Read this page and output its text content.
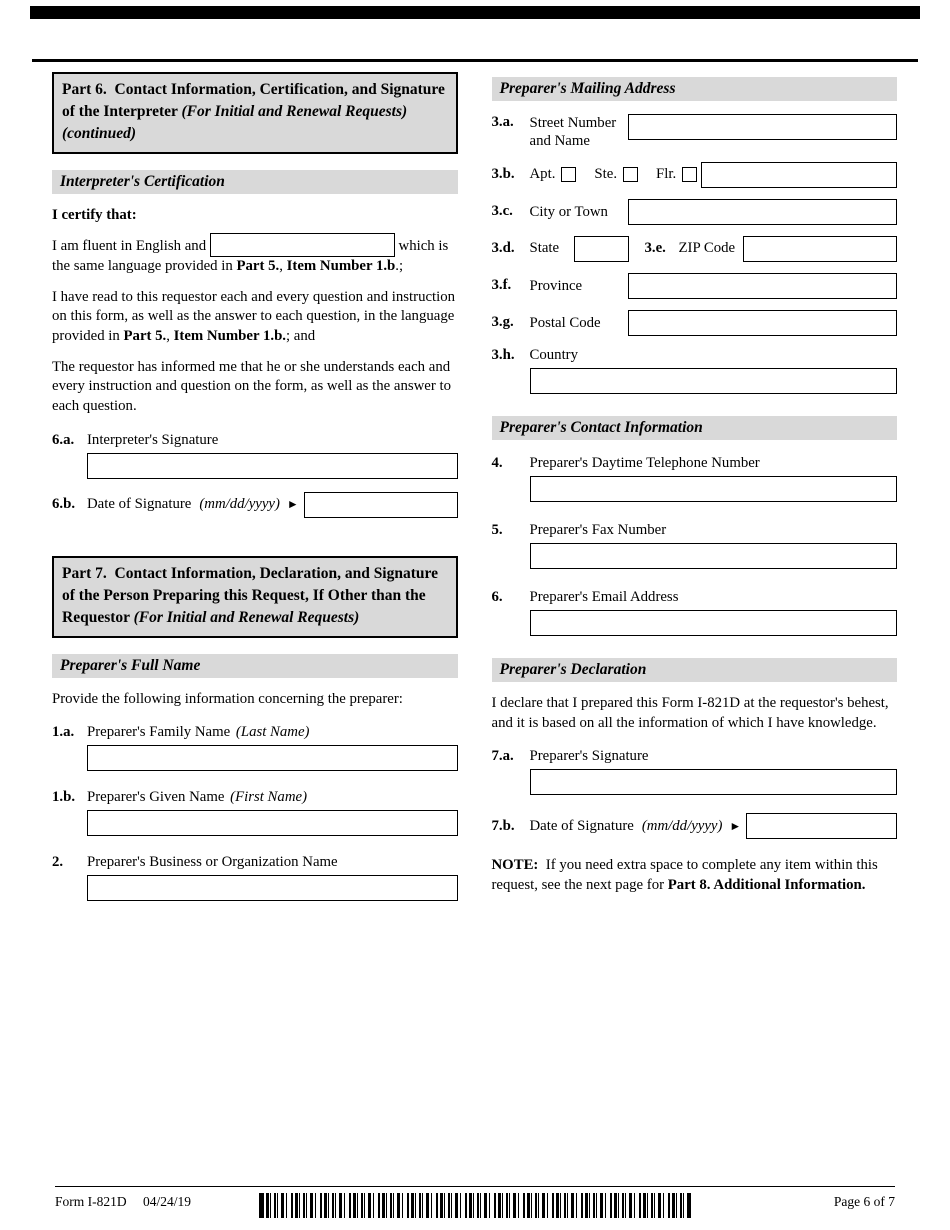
Part 6.  Contact Information, Certification, and Signature of the Interpreter (For Initial and Renewal Requests) (continued)
Interpreter's Certification

I certify that:

I am fluent in English and	which is the same language provided in Part 5., Item Number 1.b.;

I have read to this requestor each and every question and instruction on this form, as well as the answer to each question, in the language provided in Part 5., Item Number 1.b.; and

The requestor has informed me that he or she understands each and every instruction and question on the form, as well as the answer to each question.

6.a. Interpreter's Signature
6.b. Date of Signature (mm/dd/yyyy) ►
Part 7.  Contact Information, Declaration, and Signature of the Person Preparing this Request, If Other than the Requestor (For Initial and Renewal Requests)
Preparer's Full Name

Provide the following information concerning the preparer:

1.a. Preparer's Family Name (Last Name)
1.b. Preparer's Given Name (First Name)
2.	Preparer's Business or Organization Name
Preparer's Mailing Address
3.a.	Street Number and Name
3.b.	Apt.	Ste.	Flr.
3.c.	City or Town
3.d.	State	3.e. ZIP Code
3.f.	Province
3.g.	Postal Code
3.h.	Country
Preparer's Contact Information
4.	Preparer's Daytime Telephone Number
5.	Preparer's Fax Number
6.	Preparer's Email Address
Preparer's Declaration

I declare that I prepared this Form I-821D at the requestor's behest, and it is based on all the information of which I have knowledge.

7.a.	Preparer's Signature
7.b.	Date of Signature (mm/dd/yyyy) ►

NOTE:  If you need extra space to complete any item within this request, see the next page for Part 8. Additional Information.

Form I-821D 04/24/19	Page 6 of 7
